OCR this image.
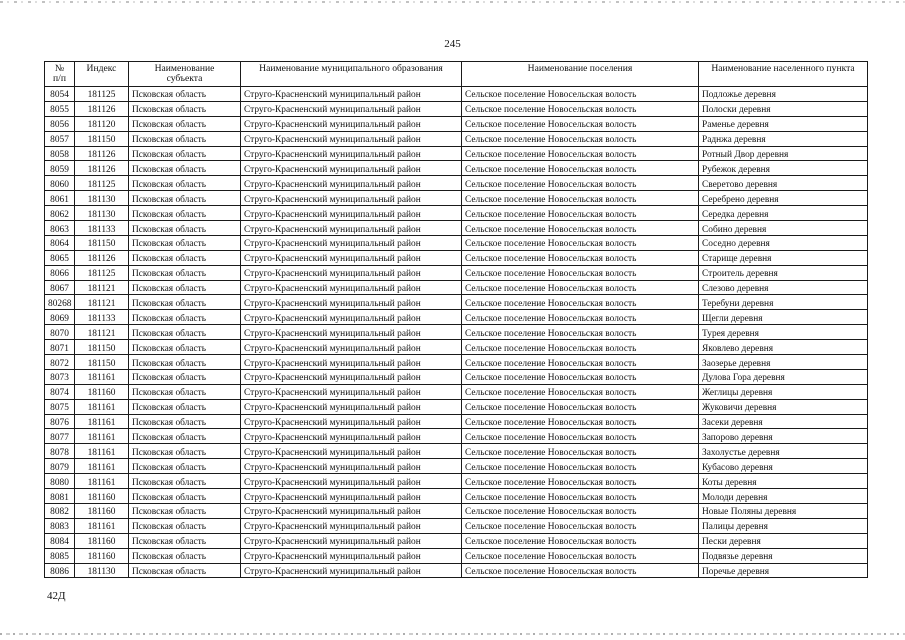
245
№ п/п	Индекс	Наименование субъекта	Наименование муниципального образования	Наименование поселения	Наименование населенного пункта
8054	181125	Псковская область	Струго-Красненский муниципальный район	Сельское поселение Новосельская волость	Подложье деревня
8055	181126	Псковская область	Струго-Красненский муниципальный район	Сельское поселение Новосельская волость	Полоски деревня
8056	181120	Псковская область	Струго-Красненский муниципальный район	Сельское поселение Новосельская волость	Раменье деревня
8057	181150	Псковская область	Струго-Красненский муниципальный район	Сельское поселение Новосельская волость	Раднжа деревня
8058	181126	Псковская область	Струго-Красненский муниципальный район	Сельское поселение Новосельская волость	Ротный Двор деревня
8059	181126	Псковская область	Струго-Красненский муниципальный район	Сельское поселение Новосельская волость	Рубежок деревня
8060	181125	Псковская область	Струго-Красненский муниципальный район	Сельское поселение Новосельская волость	Сверетово деревня
8061	181130	Псковская область	Струго-Красненский муниципальный район	Сельское поселение Новосельская волость	Серебрено деревня
8062	181130	Псковская область	Струго-Красненский муниципальный район	Сельское поселение Новосельская волость	Середка деревня
8063	181133	Псковская область	Струго-Красненский муниципальный район	Сельское поселение Новосельская волость	Собино деревня
8064	181150	Псковская область	Струго-Красненский муниципальный район	Сельское поселение Новосельская волость	Соседно деревня
8065	181126	Псковская область	Струго-Красненский муниципальный район	Сельское поселение Новосельская волость	Старище деревня
8066	181125	Псковская область	Струго-Красненский муниципальный район	Сельское поселение Новосельская волость	Строитель деревня
8067	181121	Псковская область	Струго-Красненский муниципальный район	Сельское поселение Новосельская волость	Слезово деревня
80268	181121	Псковская область	Струго-Красненский муниципальный район	Сельское поселение Новосельская волость	Теребуни деревня
8069	181133	Псковская область	Струго-Красненский муниципальный район	Сельское поселение Новосельская волость	Щегли деревня
8070	181121	Псковская область	Струго-Красненский муниципальный район	Сельское поселение Новосельская волость	Турея деревня
8071	181150	Псковская область	Струго-Красненский муниципальный район	Сельское поселение Новосельская волость	Яковлево деревня
8072	181150	Псковская область	Струго-Красненский муниципальный район	Сельское поселение Новосельская волость	Заозерье деревня
8073	181161	Псковская область	Струго-Красненский муниципальный район	Сельское поселение Новосельская волость	Дулова Гора деревня
8074	181160	Псковская область	Струго-Красненский муниципальный район	Сельское поселение Новосельская волость	Жеглицы деревня
8075	181161	Псковская область	Струго-Красненский муниципальный район	Сельское поселение Новосельская волость	Жуковичи деревня
8076	181161	Псковская область	Струго-Красненский муниципальный район	Сельское поселение Новосельская волость	Засеки деревня
8077	181161	Псковская область	Струго-Красненский муниципальный район	Сельское поселение Новосельская волость	Запорово деревня
8078	181161	Псковская область	Струго-Красненский муниципальный район	Сельское поселение Новосельская волость	Захолустье деревня
8079	181161	Псковская область	Струго-Красненский муниципальный район	Сельское поселение Новосельская волость	Кубасово деревня
8080	181161	Псковская область	Струго-Красненский муниципальный район	Сельское поселение Новосельская волость	Коты деревня
8081	181160	Псковская область	Струго-Красненский муниципальный район	Сельское поселение Новосельская волость	Молоди деревня
8082	181160	Псковская область	Струго-Красненский муниципальный район	Сельское поселение Новосельская волость	Новые Поляны деревня
8083	181161	Псковская область	Струго-Красненский муниципальный район	Сельское поселение Новосельская волость	Палицы деревня
8084	181160	Псковская область	Струго-Красненский муниципальный район	Сельское поселение Новосельская волость	Пески деревня
8085	181160	Псковская область	Струго-Красненский муниципальный район	Сельское поселение Новосельская волость	Подвязье деревня
8086	181130	Псковская область	Струго-Красненский муниципальный район	Сельское поселение Новосельская волость	Поречье деревня
42Д
